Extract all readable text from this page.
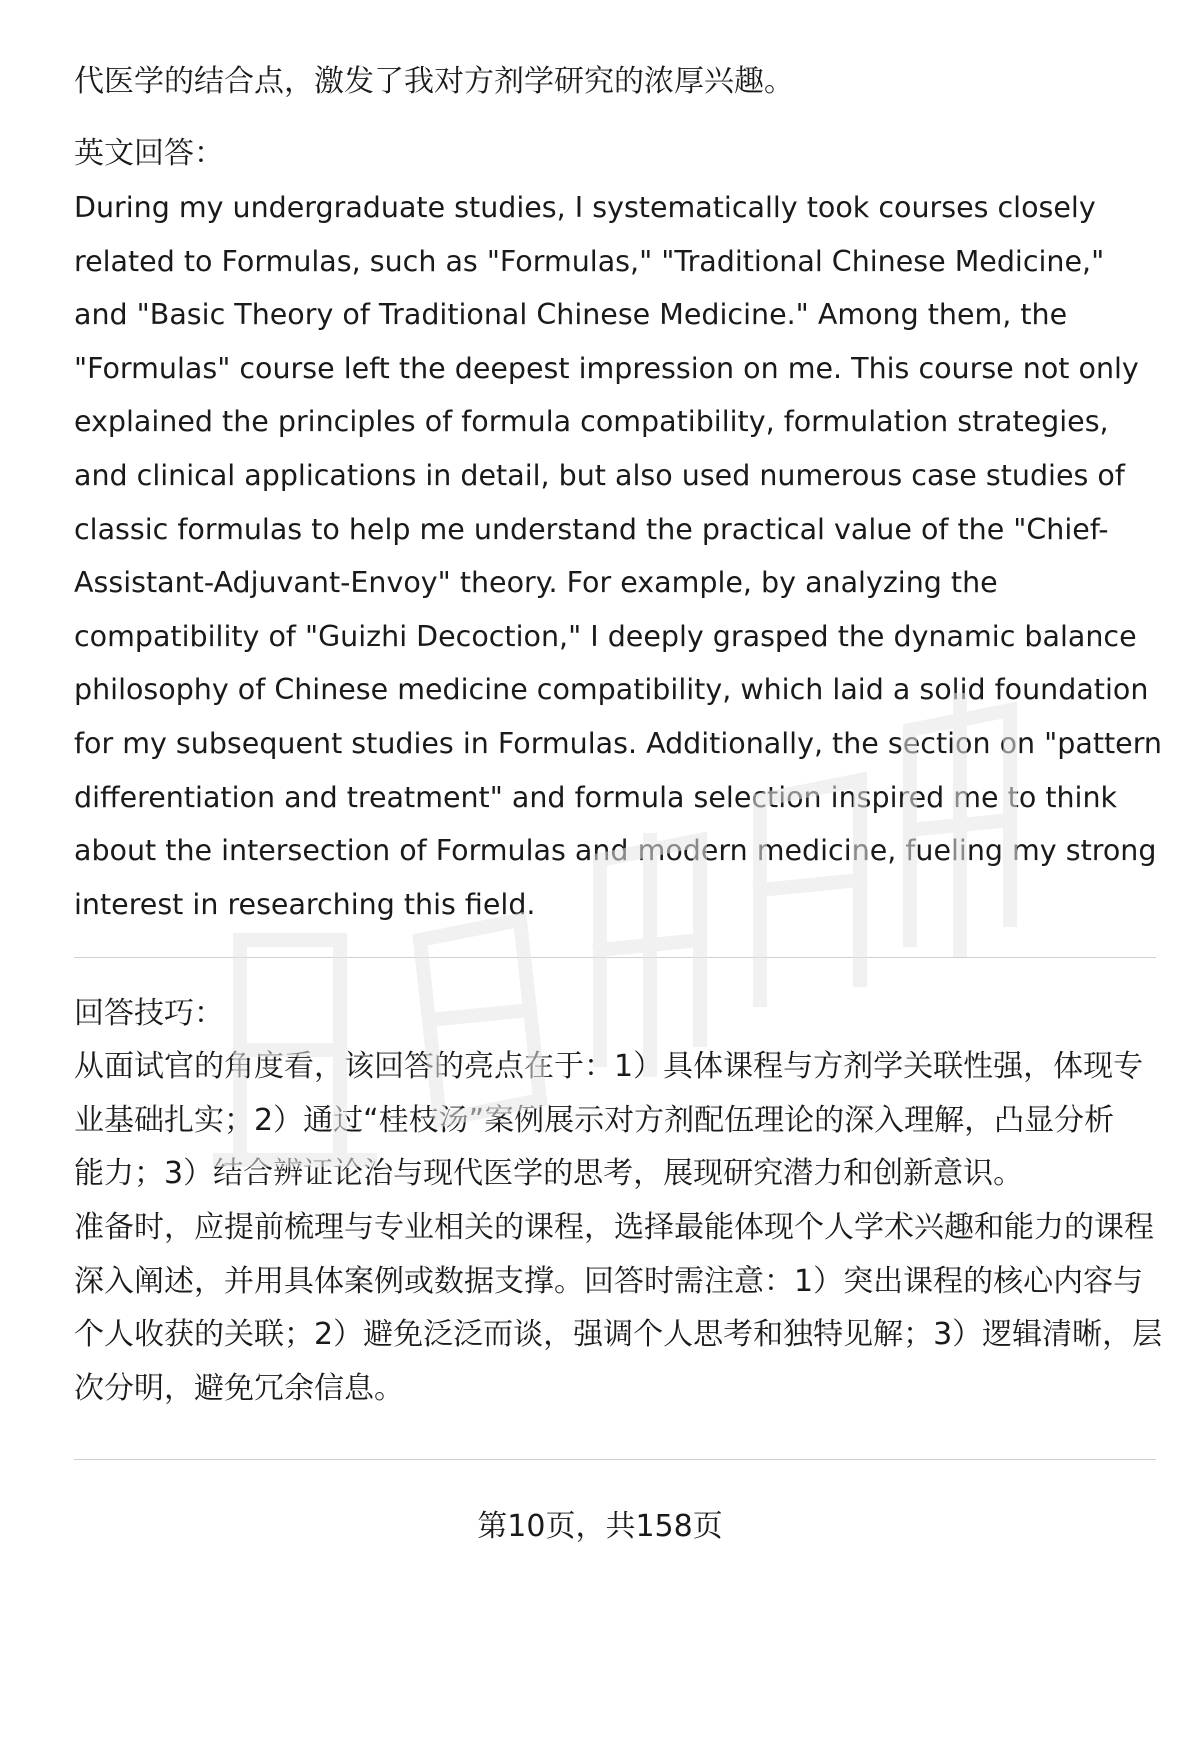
代医学的结合点，激发了我对方剂学研究的浓厚兴趣。
英文回答：
During my undergraduate studies, I systematically took courses closely
related to Formulas, such as "Formulas," "Traditional Chinese Medicine,"
and "Basic Theory of Traditional Chinese Medicine." Among them, the
"Formulas" course left the deepest impression on me. This course not only
explained the principles of formula compatibility, formulation strategies,
and clinical applications in detail, but also used numerous case studies of
classic formulas to help me understand the practical value of the "Chief-
Assistant-Adjuvant-Envoy" theory. For example, by analyzing the
compatibility of "Guizhi Decoction," I deeply grasped the dynamic balance
philosophy of Chinese medicine compatibility, which laid a solid foundation
for my subsequent studies in Formulas. Additionally, the section on "pattern
differentiation and treatment" and formula selection inspired me to think
about the intersection of Formulas and modern medicine, fueling my strong
interest in researching this field.
回答技巧：
从面试官的角度看，该回答的亮点在于：1）具体课程与方剂学关联性强，体现专
业基础扎实；2）通过“桂枝汤”案例展示对方剂配伍理论的深入理解，凸显分析
能力；3）结合辨证论治与现代医学的思考，展现研究潜力和创新意识。
准备时，应提前梳理与专业相关的课程，选择最能体现个人学术兴趣和能力的课程
深入阐述，并用具体案例或数据支撑。回答时需注意：1）突出课程的核心内容与
个人收获的关联；2）避免泛泛而谈，强调个人思考和独特见解；3）逻辑清晰，层
次分明，避免冗余信息。
第10页，共158页
